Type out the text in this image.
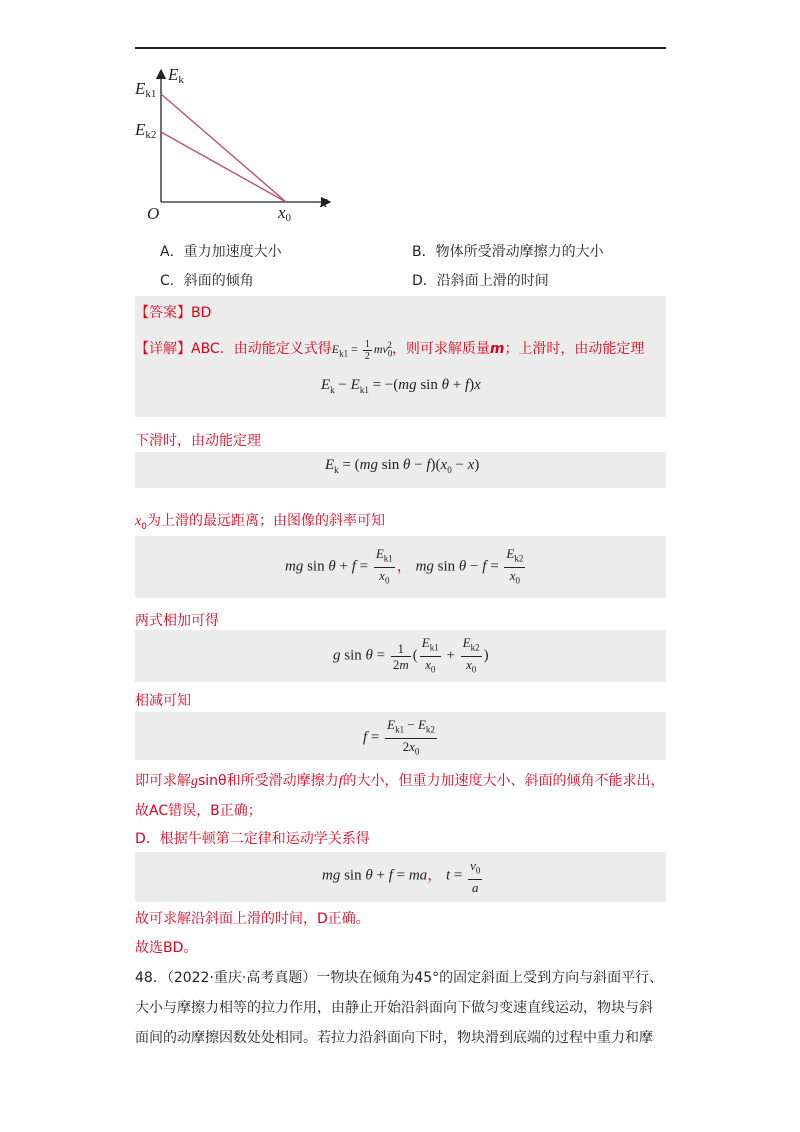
Ek
Ek1
Ek2
O	x0
x
A．重力加速度大小	B．物体所受滑动摩擦力的大小
C．斜面的倾角	D．沿斜面上滑的时间
【答案】BD
【详解】ABC．由动能定义式得$E_{k1} = \frac{1}{2} mv_0^2$，则可求解质量m；上滑时，由动能定理
$E_k - E_{k1} = -(mg$ sin θ + f)x
下滑时，由动能定理
$E_k = (mg$ $\sin \theta - f)(x_0 - x)$
$x_0$为上滑的最远距离；由图像的斜率可知
mg $\sin \theta + f = \frac{E_{k1}}{x_0}$ ， mg $\sin \theta - f = \frac{E_{k2}}{x_0}$
两式相加可得
g $\sin \theta = \frac{1}{2m}$ ( $\frac{E_{k1}}{x_0} + \frac{E_{k2}}{x_0}$ )
相减可知
$f = \frac{E_{k1} - E_{k2}}{2x_0}$
即可求解gsinθ和所受滑动摩擦力f的大小，但重力加速度大小、斜面的倾角不能求出，
故AC错误，B正确；
D．根据牛顿第二定律和运动学关系得
mg sin θ + f = ma， $t = \frac{v_0}{a}$
故可求解沿斜面上滑的时间，D正确。
故选BD。
48．（2022·重庆·高考真题）一物块在倾角为45°的固定斜面上受到方向与斜面平行、
大小与摩擦力相等的拉力作用，由静止开始沿斜面向下做匀变速直线运动，物块与斜
面间的动摩擦因数处处相同。若拉力沿斜面向下时，物块滑到底端的过程中重力和摩
